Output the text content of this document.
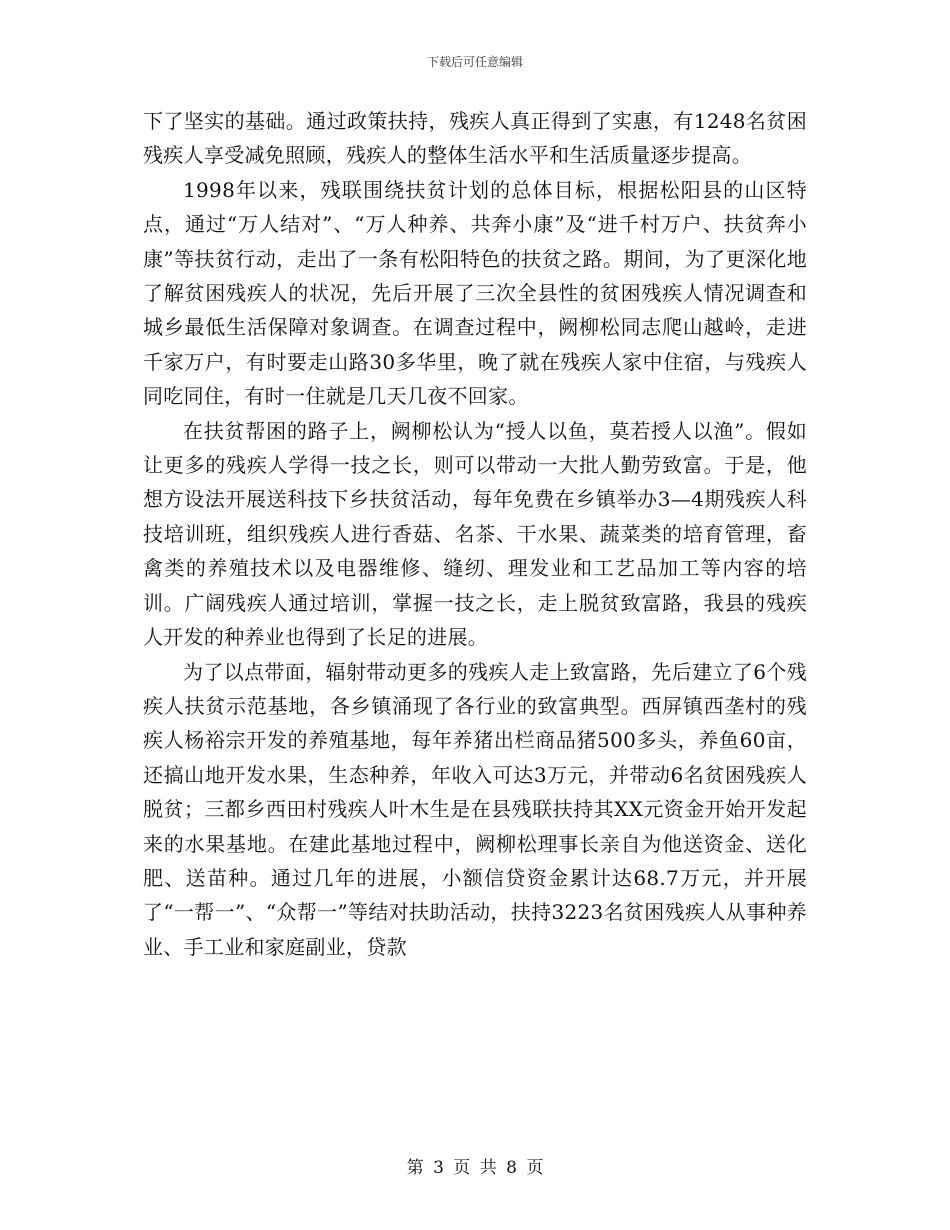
下载后可任意编辑

下了坚实的基础。通过政策扶持，残疾人真正得到了实惠，有1248名贫困残疾人享受减免照顾，残疾人的整体生活水平和生活质量逐步提高。

1998年以来，残联围绕扶贫计划的总体目标，根据松阳县的山区特点，通过“万人结对”、“万人种养、共奔小康”及“进千村万户、扶贫奔小康”等扶贫行动，走出了一条有松阳特色的扶贫之路。期间，为了更深化地了解贫困残疾人的状况，先后开展了三次全县性的贫困残疾人情况调查和城乡最低生活保障对象调查。在调查过程中，阙柳松同志爬山越岭，走进千家万户，有时要走山路30多华里，晚了就在残疾人家中住宿，与残疾人同吃同住，有时一住就是几天几夜不回家。

在扶贫帮困的路子上，阙柳松认为“授人以鱼，莫若授人以渔”。假如让更多的残疾人学得一技之长，则可以带动一大批人勤劳致富。于是，他想方设法开展送科技下乡扶贫活动，每年免费在乡镇举办3—4期残疾人科技培训班，组织残疾人进行香菇、名茶、干水果、蔬菜类的培育管理，畜禽类的养殖技术以及电器维修、缝纫、理发业和工艺品加工等内容的培训。广阔残疾人通过培训，掌握一技之长，走上脱贫致富路，我县的残疾人开发的种养业也得到了长足的进展。

为了以点带面，辐射带动更多的残疾人走上致富路，先后建立了6个残疾人扶贫示范基地，各乡镇涌现了各行业的致富典型。西屏镇西垄村的残疾人杨裕宗开发的养殖基地，每年养猪出栏商品猪500多头，养鱼60亩，还搞山地开发水果，生态种养，年收入可达3万元，并带动6名贫困残疾人脱贫；三都乡西田村残疾人叶木生是在县残联扶持其XX元资金开始开发起来的水果基地。在建此基地过程中，阙柳松理事长亲自为他送资金、送化肥、送苗种。通过几年的进展，小额信贷资金累计达68.7万元，并开展了“一帮一”、“众帮一”等结对扶助活动，扶持3223名贫困残疾人从事种养业、手工业和家庭副业，贷款

第 3 页 共 8 页
